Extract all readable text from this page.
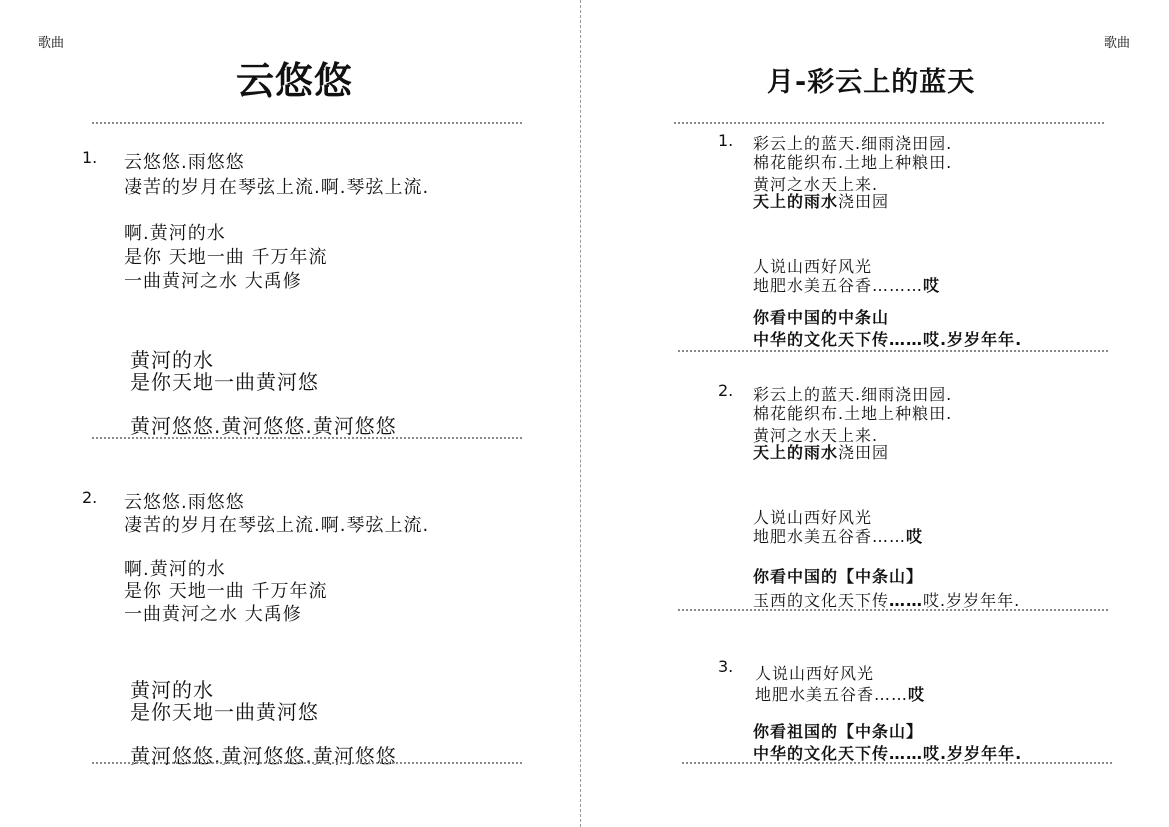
歌曲
云悠悠
1. 云悠悠.雨悠悠
凄苦的岁月在琴弦上流.啊.琴弦上流.
啊.黄河的水
是你 天地一曲 千万年流
一曲黄河之水 大禹修
黄河的水
是你天地一曲黄河悠
黄河悠悠.黄河悠悠.黄河悠悠
2. 云悠悠.雨悠悠
凄苦的岁月在琴弦上流.啊.琴弦上流.
啊.黄河的水
是你 天地一曲 千万年流
一曲黄河之水 大禹修
黄河的水
是你天地一曲黄河悠
黄河悠悠.黄河悠悠.黄河悠悠
歌曲
月-彩云上的蓝天
1. 彩云上的蓝天.细雨浇田园.
棉花能织布.土地上种粮田.
黄河之水天上来.
天上的雨水浇田园
人说山西好风光
地肥水美五谷香………哎
你看中国的中条山
中华的文化天下传……哎.岁岁年年.
2. 彩云上的蓝天.细雨浇田园.
棉花能织布.土地上种粮田.
黄河之水天上来.
天上的雨水浇田园
人说山西好风光
地肥水美五谷香……哎
你看中国的【中条山】
玉西的文化天下传……哎.岁岁年年.
3. 人说山西好风光
地肥水美五谷香……哎
你看祖国的【中条山】
中华的文化天下传……哎.岁岁年年.
